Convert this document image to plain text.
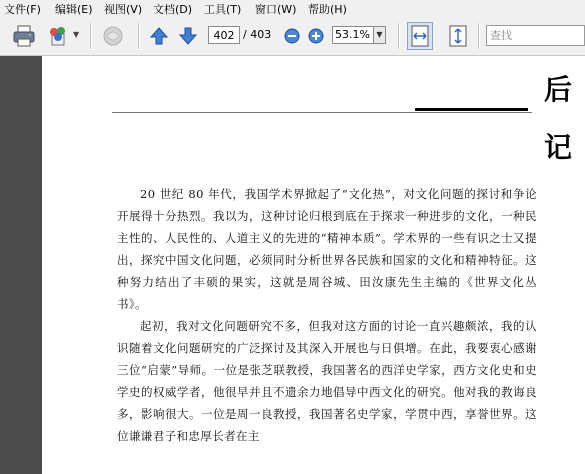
文件(F) 编辑(E) 视图(V) 文档(D) 工具(T) 窗口(W) 帮助(H)
▼	402 / 403	53.1% ▼	查找
后
记

20 世纪 80 年代，我国学术界掀起了“文化热”，对文化问题的探讨和争论开展得十分热烈。我以为，这种讨论归根到底在于探求一种进步的文化，一种民主性的、人民性的、人道主义的先进的“精神本质”。学术界的一些有识之士又提出，探究中国文化问题，必须同时分析世界各民族和国家的文化和精神特征。这种努力结出了丰硕的果实，这就是周谷城、田汝康先生主编的《世界文化丛书》。

起初，我对文化问题研究不多，但我对这方面的讨论一直兴趣颇浓，我的认识随着文化问题研究的广泛探讨及其深入开展也与日俱增。在此，我要衷心感谢三位“启蒙”导师。一位是张芝联教授，我国著名的西洋史学家，西方文化史和史学史的权威学者，他很早并且不遗余力地倡导中西文化的研究。他对我的教诲良多，影响很大。一位是周一良教授，我国著名史学家，学贯中西，享誉世界。这位谦谦君子和忠厚长者在主
